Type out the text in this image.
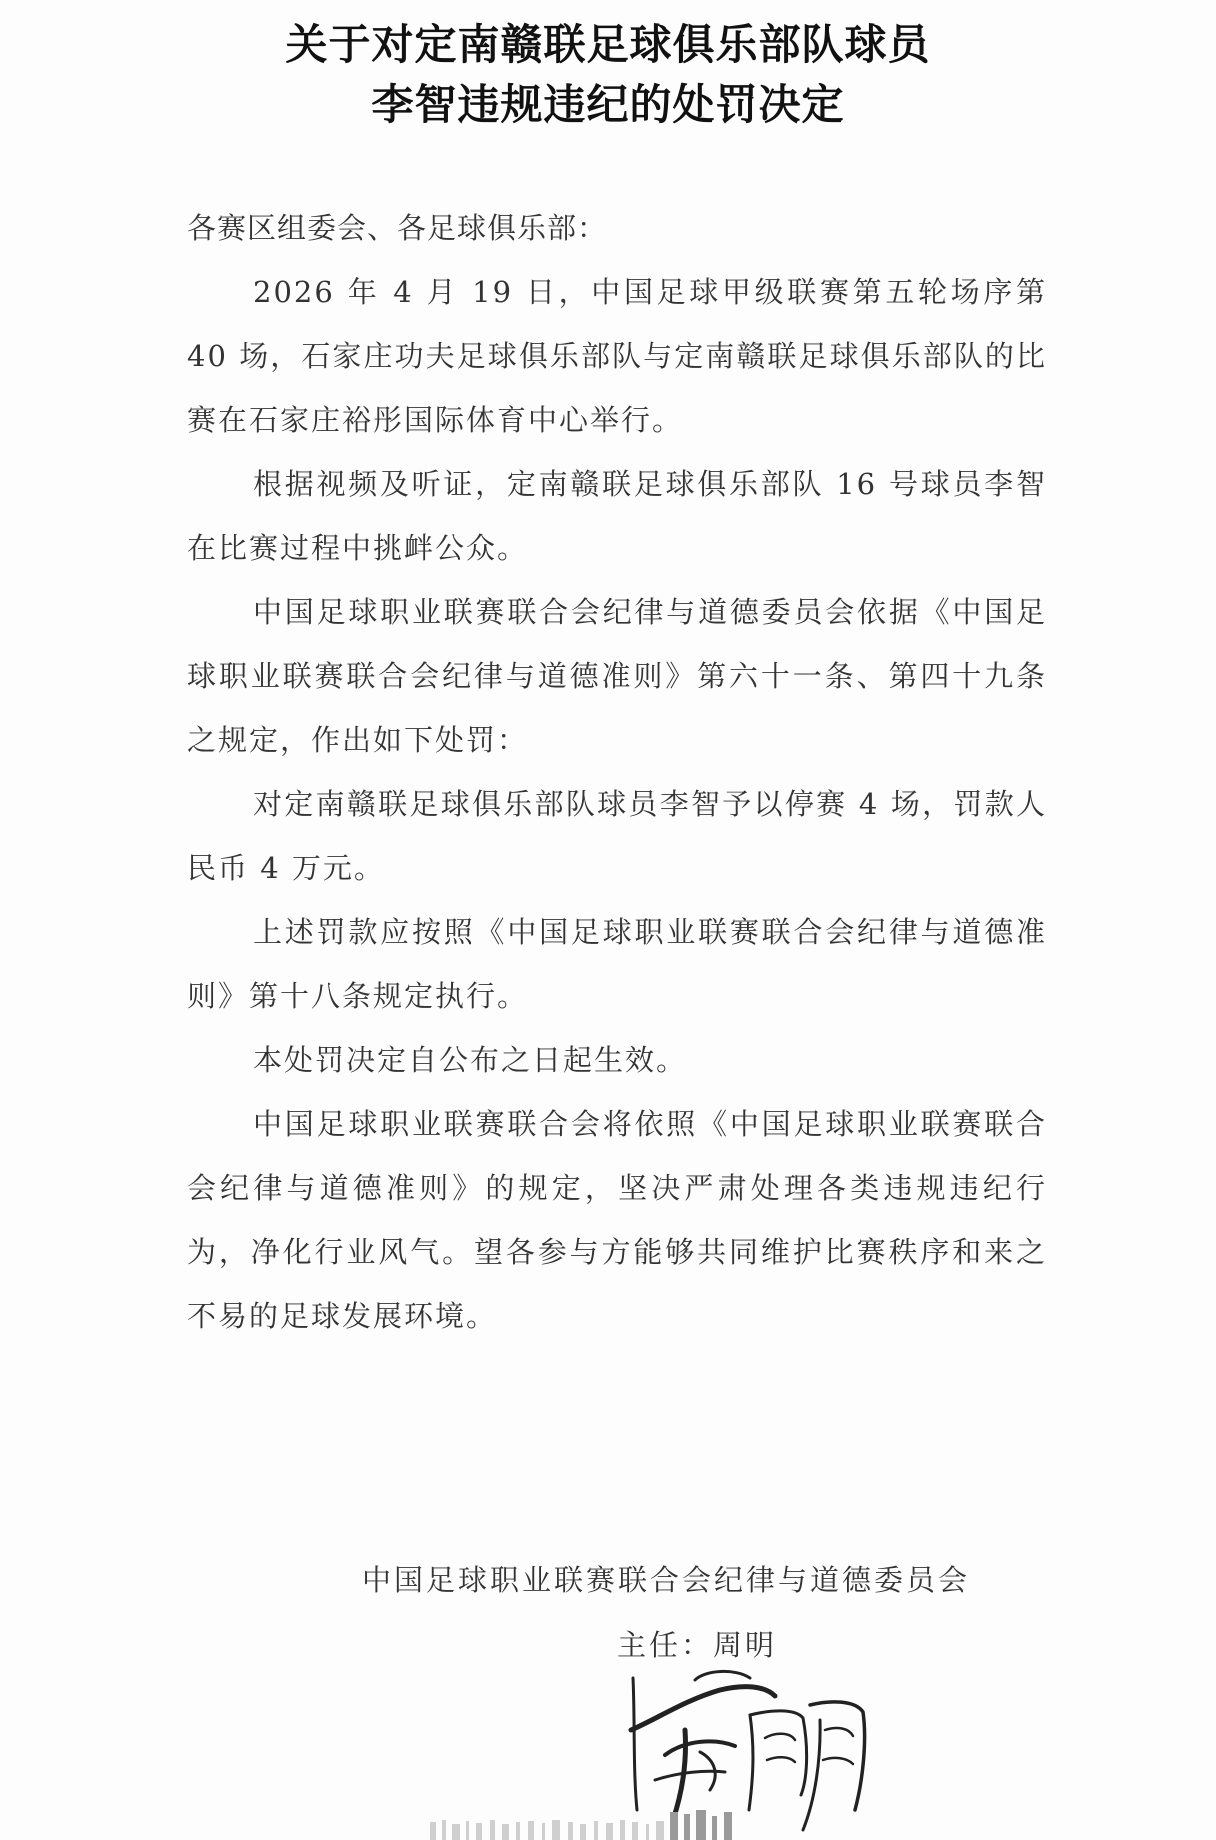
关于对定南赣联足球俱乐部队球员
李智违规违纪的处罚决定

各赛区组委会、各足球俱乐部：

2026 年 4 月 19 日，中国足球甲级联赛第五轮场序第 40 场，石家庄功夫足球俱乐部队与定南赣联足球俱乐部队的比赛在石家庄裕彤国际体育中心举行。

根据视频及听证，定南赣联足球俱乐部队 16 号球员李智在比赛过程中挑衅公众。

中国足球职业联赛联合会纪律与道德委员会依据《中国足球职业联赛联合会纪律与道德准则》第六十一条、第四十九条之规定，作出如下处罚：

对定南赣联足球俱乐部队球员李智予以停赛 4 场，罚款人民币 4 万元。

上述罚款应按照《中国足球职业联赛联合会纪律与道德准则》第十八条规定执行。

本处罚决定自公布之日起生效。

中国足球职业联赛联合会将依照《中国足球职业联赛联合会纪律与道德准则》的规定，坚决严肃处理各类违规违纪行为，净化行业风气。望各参与方能够共同维护比赛秩序和来之不易的足球发展环境。

中国足球职业联赛联合会纪律与道德委员会
主任：周明
